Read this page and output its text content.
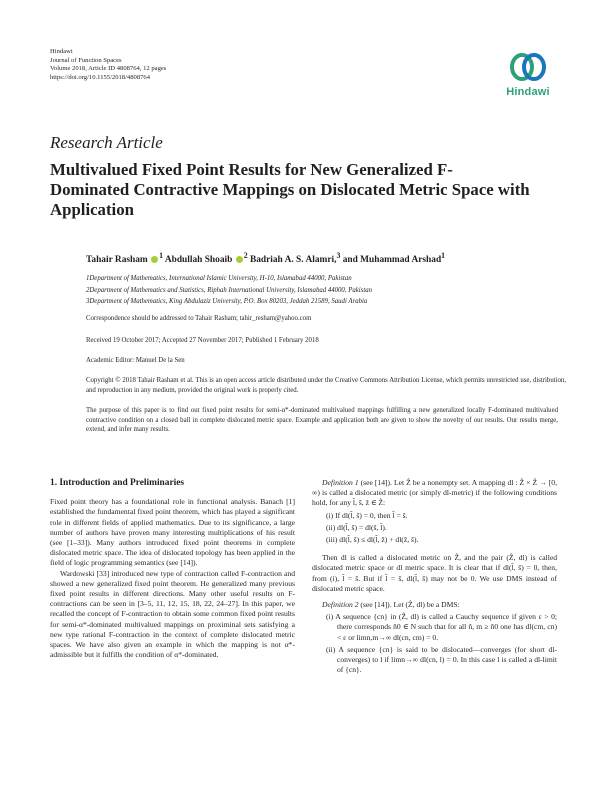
Hindawi
Journal of Function Spaces
Volume 2018, Article ID 4808764, 12 pages
https://doi.org/10.1155/2018/4808764
Hindawi
Research Article
Multivalued Fixed Point Results for New Generalized F-Dominated Contractive Mappings on Dislocated Metric Space with Application
Tahair Rasham $^1$ Abdullah Shoaib $^2$ Badriah A. S. Alamri,$^3$ and Muhammad Arshad$^1$
1Department of Mathematics, International Islamic University, H-10, Islamabad 44000, Pakistan
2Department of Mathematics and Statistics, Riphah International University, Islamabad 44000, Pakistan
3Department of Mathematics, King Abdulaziz University, P.O. Box 80203, Jeddah 21589, Saudi Arabia
Correspondence should be addressed to Tahair Rasham; tahir_resham@yahoo.com
Received 19 October 2017; Accepted 27 November 2017; Published 1 February 2018
Academic Editor: Manuel De la Sen
Copyright © 2018 Tahair Rasham et al. This is an open access article distributed under the Creative Commons Attribution License, which permits unrestricted use, distribution, and reproduction in any medium, provided the original work is properly cited.
The purpose of this paper is to find out fixed point results for semi-α*-dominated multivalued mappings fulfilling a new generalized locally F-dominated multivalued contractive condition on a closed ball in complete dislocated metric space. Example and application both are given to show the novelty of our results. Our results merge, extend, and infer many results.
1. Introduction and Preliminaries

Fixed point theory has a foundational role in functional analysis. Banach [1] established the fundamental fixed point theorem, which has played a significant role in different fields of applied mathematics. Due to its significance, a large number of authors have proven many interesting multiplications of his result (see [1–33]). Many authors introduced fixed point theorems in complete dislocated metric space. The idea of dislocated topology has been applied in the field of logic programming semantics (see [14]).

Wardowski [33] introduced new type of contraction called F-contraction and showed a new generalized fixed point theorem. He generalized many previous fixed point results in different directions. Many other useful results on F-contractions can be seen in [3–5, 11, 12, 15, 18, 22, 24–27]. In this paper, we recalled the concept of F-contraction to obtain some common fixed point results for semi-α*-dominated multivalued mappings on proximinal sets satisfying a new type rational F-contraction in the context of complete dislocated metric spaces. We have also given an example in which the mapping is not α*-admissible but it fulfills the condition of α*-dominated.

Definition 1 (see [14]). Let Ẑ be a nonempty set. A mapping dl : Ẑ × Ẑ → [0, ∞) is called a dislocated metric (or simply dl-metric) if the following conditions hold, for any l̃, s̃, z̃ ∈ Ẑ:

(i) If dl(l̃, s̃) = 0, then l̃ = s̃.
(ii) dl(l̃, s̃) = dl(s̃, l̃).
(iii) dl(l̃, s̃) ≤ dl(l̃, z̃) + dl(z̃, s̃).

Then dl is called a dislocated metric on Ẑ, and the pair (Ẑ, dl) is called dislocated metric space or dl metric space. It is clear that if dl(l̃, s̃) = 0, then, from (i), l̃ = s̃. But if l̃ = s̃, dl(l̃, s̃) may not be 0. We use DMS instead of dislocated metric space.

Definition 2 (see [14]). Let (Ẑ, dl) be a DMS:

(i) A sequence {cn} in (Ẑ, dl) is called a Cauchy sequence if given ε > 0; there corresponds n̂0 ∈ N such that for all n̂, m ≥ n̂0 one has dl(cm, cn) < ε or limn,m→∞ dl(cn, cm) = 0.
(ii) A sequence {cn} is said to be dislocated—converges (for short dl-converges) to l if limn→∞ dl(cn, l) = 0. In this case l is called a dl-limit of {cn}.
